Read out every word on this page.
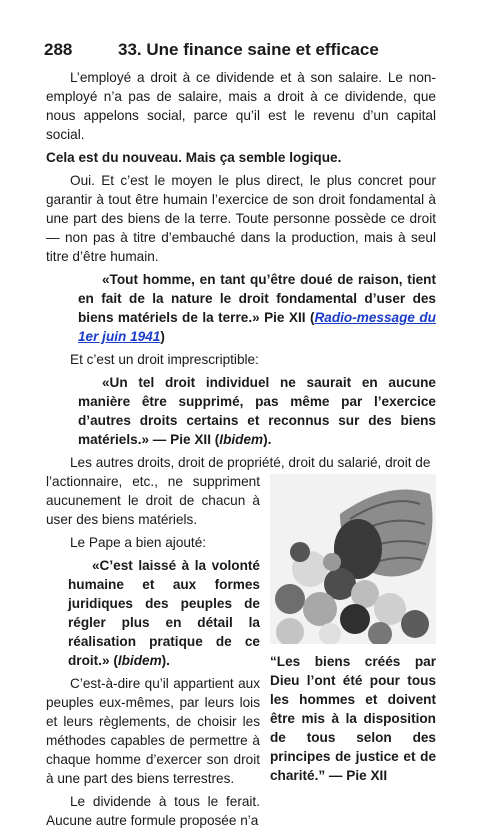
288	33. Une finance saine et efficace

L’employé a droit à ce dividende et à son salaire. Le non-employé n’a pas de salaire, mais a droit à ce dividende, que nous appelons social, parce qu’il est le revenu d’un capital social.

Cela est du nouveau. Mais ça semble logique.

Oui. Et c’est le moyen le plus direct, le plus concret pour garantir à tout être humain l’exercice de son droit fondamental à une part des biens de la terre. Toute personne possède ce droit — non pas à titre d’embauché dans la production, mais à seul titre d’être humain.

«Tout homme, en tant qu’être doué de raison, tient en fait de la nature le droit fondamental d’user des biens matériels de la terre.» Pie XII (Radio-message du 1er juin 1941)

Et c’est un droit imprescriptible:

«Un tel droit individuel ne saurait en aucune manière être supprimé, pas même par l’exercice d’autres droits certains et reconnus sur des biens matériels.» — Pie XII (Ibidem).

Les autres droits, droit de propriété, droit du salarié, droit de

l’actionnaire, etc., ne suppriment aucunement le droit de chacun à user des biens matériels.

Le Pape a bien ajouté:

«C’est laissé à la volonté humaine et aux formes juridiques des peuples de régler plus en détail la réalisation pratique de ce droit.» (Ibidem).

C’est-à-dire qu’il appartient aux peuples eux-mêmes, par leurs lois et leurs règlements, de choisir les méthodes capables de permettre à chaque homme d’exercer son droit à une part des biens terrestres.

Le dividende à tous le ferait. Aucune autre formule proposée n’a

“Les biens créés par Dieu l’ont été pour tous les hommes et doivent être mis à la disposition de tous selon des principes de justice et de charité.” — Pie XII
